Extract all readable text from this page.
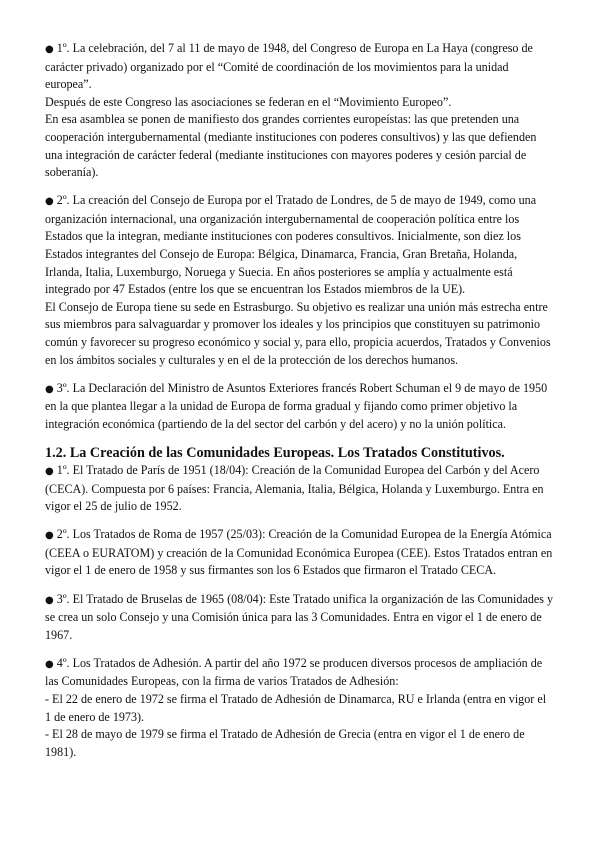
● 1º. La celebración, del 7 al 11 de mayo de 1948, del Congreso de Europa en La Haya (congreso de carácter privado) organizado por el “Comité de coordinación de los movimientos para la unidad europea”.

Después de este Congreso las asociaciones se federan en el “Movimiento Europeo”.

En esa asamblea se ponen de manifiesto dos grandes corrientes europeístas: las que pretenden una cooperación intergubernamental (mediante instituciones con poderes consultivos) y las que defienden una integración de carácter federal (mediante instituciones con mayores poderes y cesión parcial de soberanía).

● 2º. La creación del Consejo de Europa por el Tratado de Londres, de 5 de mayo de 1949, como una organización internacional, una organización intergubernamental de cooperación política entre los Estados que la integran, mediante instituciones con poderes consultivos. Inicialmente, son diez los Estados integrantes del Consejo de Europa: Bélgica, Dinamarca, Francia, Gran Bretaña, Holanda, Irlanda, Italia, Luxemburgo, Noruega y Suecia. En años posteriores se amplía y actualmente está integrado por 47 Estados (entre los que se encuentran los Estados miembros de la UE).

El Consejo de Europa tiene su sede en Estrasburgo. Su objetivo es realizar una unión más estrecha entre sus miembros para salvaguardar y promover los ideales y los principios que constituyen su patrimonio común y favorecer su progreso económico y social y, para ello, propicia acuerdos, Tratados y Convenios en los ámbitos sociales y culturales y en el de la protección de los derechos humanos.

● 3º. La Declaración del Ministro de Asuntos Exteriores francés Robert Schuman el 9 de mayo de 1950 en la que plantea llegar a la unidad de Europa de forma gradual y fijando como primer objetivo la integración económica (partiendo de la del sector del carbón y del acero) y no la unión política.

1.2. La Creación de las Comunidades Europeas. Los Tratados Constitutivos.

● 1º. El Tratado de París de 1951 (18/04): Creación de la Comunidad Europea del Carbón y del Acero (CECA). Compuesta por 6 países: Francia, Alemania, Italia, Bélgica, Holanda y Luxemburgo. Entra en vigor el 25 de julio de 1952.

● 2º. Los Tratados de Roma de 1957 (25/03): Creación de la Comunidad Europea de la Energía Atómica (CEEA o EURATOM) y creación de la Comunidad Económica Europea (CEE). Estos Tratados entran en vigor el 1 de enero de 1958 y sus firmantes son los 6 Estados que firmaron el Tratado CECA.

● 3º. El Tratado de Bruselas de 1965 (08/04): Este Tratado unifica la organización de las Comunidades y se crea un solo Consejo y una Comisión única para las 3 Comunidades. Entra en vigor el 1 de enero de 1967.

● 4º. Los Tratados de Adhesión. A partir del año 1972 se producen diversos procesos de ampliación de las Comunidades Europeas, con la firma de varios Tratados de Adhesión:

- El 22 de enero de 1972 se firma el Tratado de Adhesión de Dinamarca, RU e Irlanda (entra en vigor el 1 de enero de 1973).

- El 28 de mayo de 1979 se firma el Tratado de Adhesión de Grecia (entra en vigor el 1 de enero de 1981).
